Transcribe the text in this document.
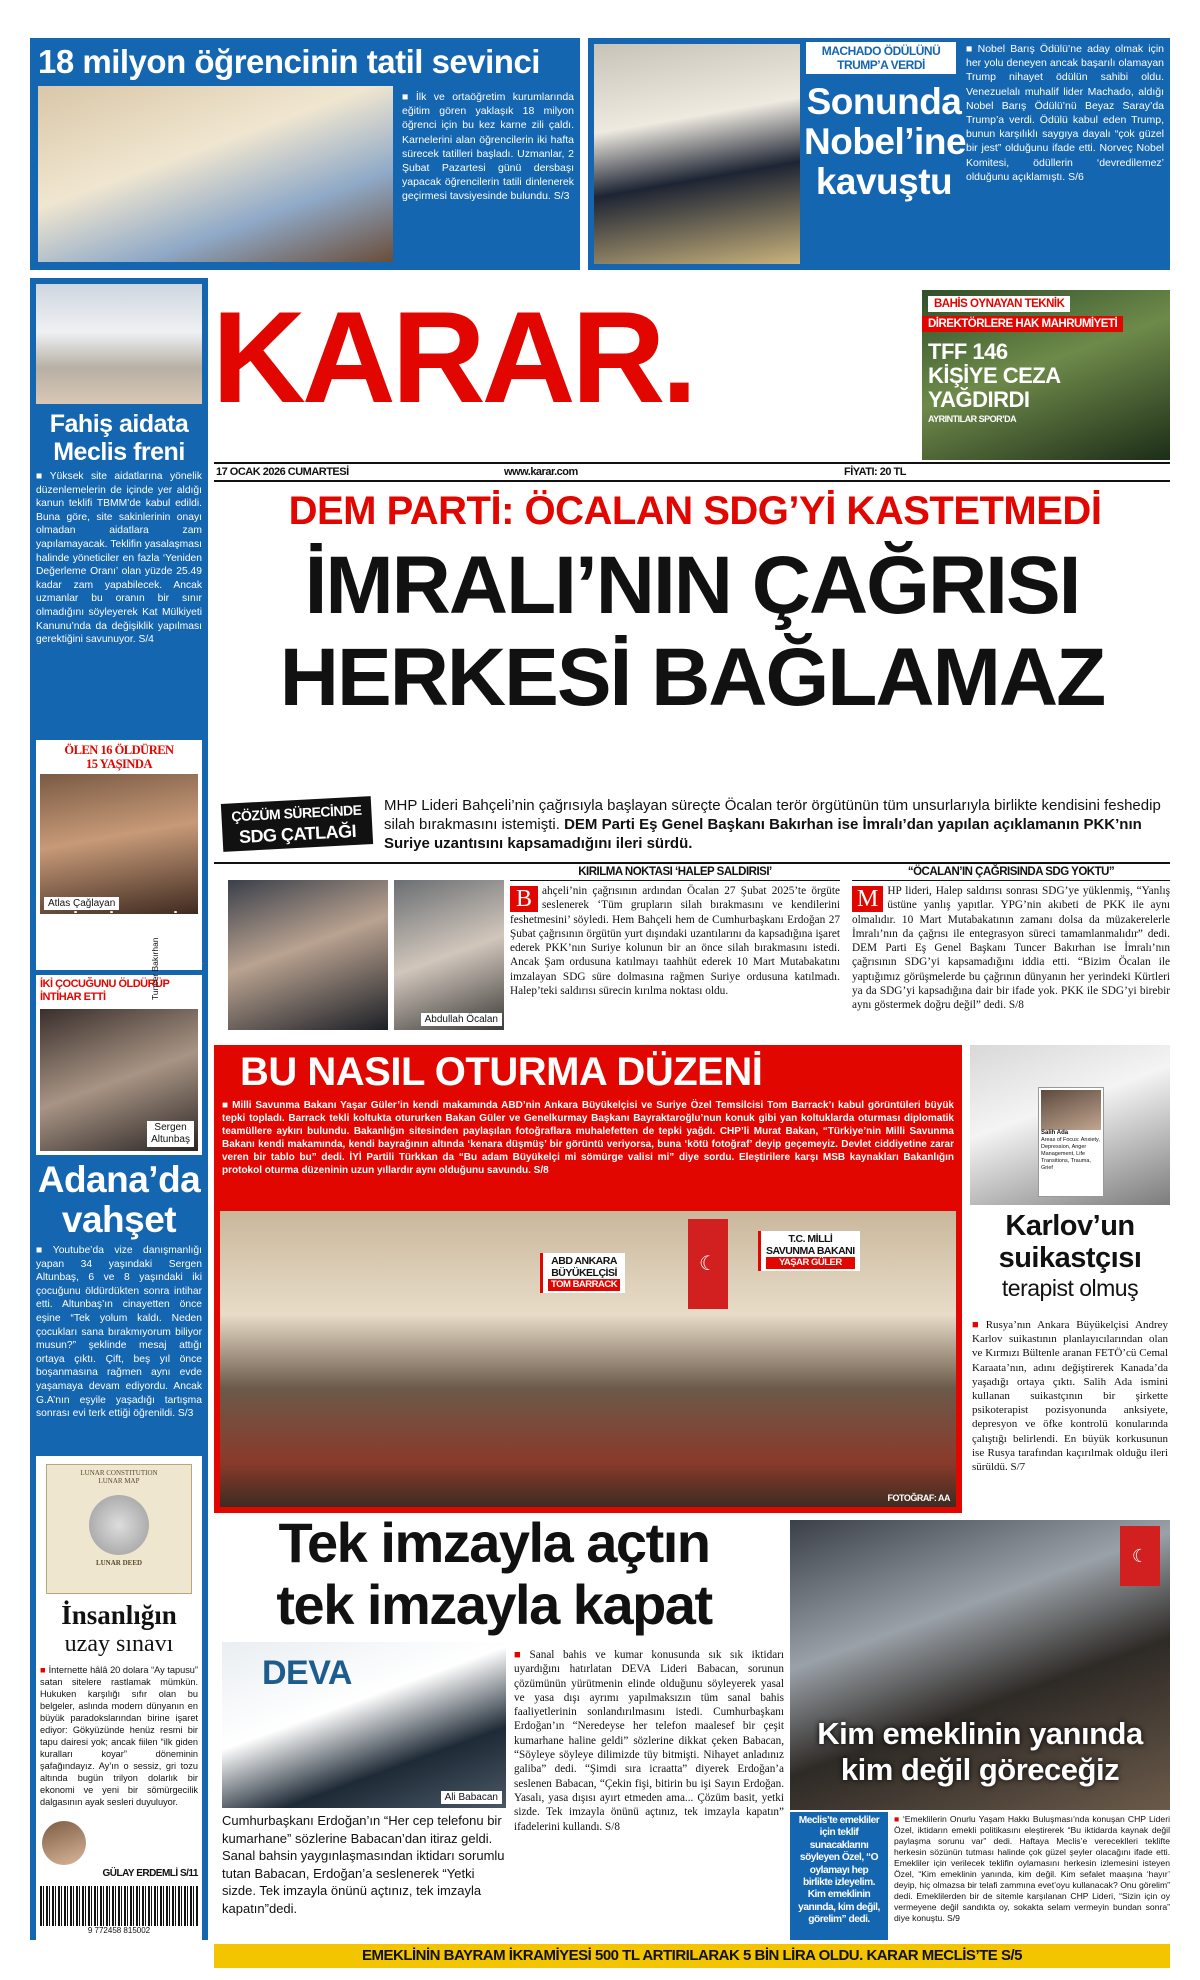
18 milyon öğrencinin tatil sevinci
■ İlk ve ortaöğretim kurumlarında eğitim gören yaklaşık 18 milyon öğrenci için bu kez karne zili çaldı. Karnelerini alan öğrencilerin iki hafta sürecek tatilleri başladı. Uzmanlar, 2 Şubat Pazartesi günü dersbaşı yapacak öğrencilerin tatili dinlenerek geçirmesi tavsiyesinde bulundu. S/3
MACHADO ÖDÜLÜNÜ
TRUMP’A VERDİ
Sonunda
Nobel’ine
kavuştu
■ Nobel Barış Ödülü’ne aday olmak için her yolu deneyen ancak başarılı olamayan Trump nihayet ödülün sahibi oldu. Venezuelalı muhalif lider Machado, aldığı Nobel Barış Ödülü’nü Beyaz Saray’da Trump’a verdi. Ödülü kabul eden Trump, bunun karşılıklı saygıya dayalı “çok güzel bir jest” olduğunu ifade etti. Norveç Nobel Komitesi, ödüllerin ‘devredilemez’ olduğunu açıklamıştı. S/6
Fahiş aidata
Meclis freni
■ Yüksek site aidatlarına yönelik düzenlemelerin de içinde yer aldığı kanun teklifi TBMM’de kabul edildi. Buna göre, site sakinlerinin onayı olmadan aidatlara zam yapılamayacak. Teklifin yasalaşması halinde yöneticiler en fazla ‘Yeniden Değerleme Oranı’ olan yüzde 25.49 kadar zam yapabilecek. Ancak uzmanlar bu oranın bir sınır olmadığını söyleyerek Kat Mülkiyeti Kanunu’nda da değişiklik yapılması gerektiğini savunuyor. S/4
ÖLEN 16 ÖLDÜREN
15 YAŞINDA
Atlas Çağlayan
BİR MİNGUZZİ
CİNAYETİ DAHA
AYRINTILAR S/3’TE
İKİ ÇOCUĞUNU ÖLDÜRÜP
İNTİHAR ETTİ
Sergen
Altunbaş
Adana’da
vahşet
■ Youtube’da vize danışmanlığı yapan 34 yaşındaki Sergen Altunbaş, 6 ve 8 yaşındaki iki çocuğunu öldürdükten sonra intihar etti. Altunbaş’ın cinayetten önce eşine “Tek yolum kaldı. Neden çocukları sana bırakmıyorum biliyor musun?” şeklinde mesaj attığı ortaya çıktı. Çift, beş yıl önce boşanmasına rağmen aynı evde yaşamaya devam ediyordu. Ancak G.A’nın eşyile yaşadığı tartışma sonrası evi terk ettiği öğrenildi. S/3
LUNAR CONSTITUTION
LUNAR MAP
LUNAR DEED
İnsanlığın
uzay sınavı
■ İnternette hâlâ 20 dolara “Ay tapusu” satan sitelere rastlamak mümkün. Hukuken karşılığı sıfır olan bu belgeler, aslında modern dünyanın en büyük paradokslarından birine işaret ediyor: Gökyüzünde henüz resmi bir tapu dairesi yok; ancak fiilen “ilk giden kuralları koyar” döneminin şafağındayız. Ay’ın o sessiz, gri tozu altında bugün trilyon dolarlık bir ekonomi ve yeni bir sömürgecilik dalgasının ayak sesleri duyuluyor.
GÜLAY ERDEMLİ S/11
9 772458 815002
KARAR.	BAHİS OYNAYAN TEKNİK
DİREKTÖRLERE HAK MAHRUMİYETİ
TFF 146
KİŞİYE CEZA
YAĞDIRDI
AYRINTILAR SPOR’DA
17 OCAK 2026 CUMARTESİ	www.karar.com	FİYATI: 20 TL
DEM PARTİ: ÖCALAN SDG’Yİ KASTETMEDİ
İMRALI’NIN ÇAĞRISI
HERKESİ BAĞLAMAZ
ÇÖZÜM SÜRECİNDE
SDG ÇATLAĞI
MHP Lideri Bahçeli’nin çağrısıyla başlayan süreçte Öcalan terör örgütünün tüm unsurlarıyla birlikte kendisini feshedip silah bırakmasını istemişti. DEM Parti Eş Genel Başkanı Bakırhan ise İmralı’dan yapılan açıklamanın PKK’nın Suriye uzantısını kapsamadığını ileri sürdü.
Tuncer Bakırhan
Abdullah Öcalan
KIRILMA NOKTASI ‘HALEP SALDIRISI’
B ahçeli’nin çağrısının ardından Öcalan 27 Şubat 2025’te örgüte seslenerek ‘Tüm grupların silah bırakmasını ve kendilerini feshetmesini’ söyledi. Hem Bahçeli hem de Cumhurbaşkanı Erdoğan 27 Şubat çağrısının örgütün yurt dışındaki uzantılarını da kapsadığına işaret ederek PKK’nın Suriye kolunun bir an önce silah bırakmasını istedi. Ancak Şam ordusuna katılmayı taahhüt ederek 10 Mart Mutabakatını imzalayan SDG süre dolmasına rağmen Suriye ordusuna katılmadı. Halep’teki saldırısı sürecin kırılma noktası oldu.
“ÖCALAN’IN ÇAĞRISINDA SDG YOKTU”
M HP lideri, Halep saldırısı sonrası SDG’ye yüklenmiş, “Yanlış üstüne yanlış yapıtlar. YPG’nin akıbeti de PKK ile aynı olmalıdır. 10 Mart Mutabakatının zamanı dolsa da müzakerelerle İmralı’nın da çağrısı ile entegrasyon süreci tamamlanmalıdır” dedi. DEM Parti Eş Genel Başkanı Tuncer Bakırhan ise İmralı’nın çağrısının SDG’yi kapsamadığını iddia etti. “Bizim Öcalan ile yaptığımız görüşmelerde bu çağrının dünyanın her yerindeki Kürtleri ya da SDG’yi kapsadığına dair bir ifade yok. PKK ile SDG’yi birebir aynı göstermek doğru değil” dedi. S/8
BU NASIL OTURMA DÜZENİ
■ Milli Savunma Bakanı Yaşar Güler’in kendi makamında ABD’nin Ankara Büyükelçisi ve Suriye Özel Temsilcisi Tom Barrack’ı kabul görüntüleri büyük tepki topladı. Barrack tekli koltukta otururken Bakan Güler ve Genelkurmay Başkanı Bayraktaroğlu’nun konuk gibi yan koltuklarda oturması diplomatik teamüllere aykırı bulundu. Bakanlığın sitesinden paylaşılan fotoğraflara muhalefetten de tepki yağdı. CHP’li Murat Bakan, “Türkiye’nin Milli Savunma Bakanı kendi makamında, kendi bayrağının altında ‘kenara düşmüş’ bir görüntü veriyorsa, buna ‘kötü fotoğraf’ deyip geçemeyiz. Devlet ciddiyetine zarar veren bir tablo bu” dedi. İYİ Partili Türkkan da “Bu adam Büyükelçi mi sömürge valisi mi” diye sordu. Eleştirilere karşı MSB kaynakları Bakanlığın protokol oturma düzeninin uzun yıllardır aynı olduğunu savundu. S/8
ABD ANKARA
BÜYÜKELÇİSİ
TOM BARRACK
T.C. MİLLİ
SAVUNMA BAKANI
YAŞAR GÜLER
☾
FOTOĞRAF: AA
Salih Ada
Areas of Focus: Anxiety, Depression, Anger Management, Life Transitions, Trauma, Grief
Karlov’un
suikastçısı
terapist olmuş
■ Rusya’nın Ankara Büyükelçisi Andrey Karlov suikastının planlayıcılarından olan ve Kırmızı Bültenle aranan FETÖ’cü Cemal Karaata’nın, adını değiştirerek Kanada’da yaşadığı ortaya çıktı. Salih Ada ismini kullanan suikastçının bir şirkette psikoterapist pozisyonunda anksiyete, depresyon ve öfke kontrolü konularında çalıştığı belirlendi. En büyük korkusunun ise Rusya tarafından kaçırılmak olduğu ileri sürüldü. S/7
Tek imzayla açtın
tek imzayla kapat
DEVA
Ali Babacan
Cumhurbaşkanı Erdoğan’ın “Her cep telefonu bir kumarhane” sözlerine Babacan’dan itiraz geldi. Sanal bahsin yaygınlaşmasından iktidarı sorumlu tutan Babacan, Erdoğan’a seslenerek “Yetki sizde. Tek imzayla önünü açtınız, tek imzayla kapatın”dedi.
■ Sanal bahis ve kumar konusunda sık sık iktidarı uyardığını hatırlatan DEVA Lideri Babacan, sorunun çözümünün yürütmenin elinde olduğunu söyleyerek yasal ve yasa dışı ayrımı yapılmaksızın tüm sanal bahis faaliyetlerinin sonlandırılmasını istedi. Cumhurbaşkanı Erdoğan’ın “Neredeyse her telefon maalesef bir çeşit kumarhane haline geldi” sözlerine dikkat çeken Babacan, “Söyleye söyleye dilimizde tüy bitmişti. Nihayet anladınız galiba” dedi. “Şimdi sıra icraatta” diyerek Erdoğan’a seslenen Babacan, “Çekin fişi, bitirin bu işi Sayın Erdoğan. Yasalı, yasa dışısı ayırt etmeden ama... Çözüm basit, yetki sizde. Tek imzayla önünü açtınız, tek imzayla kapatın” ifadelerini kullandı. S/8
☾
Kim emeklinin yanında
kim değil göreceğiz
Meclis’te emekliler için teklif sunacaklarını söyleyen Özel, “O oylamayı hep birlikte izleyelim. Kim emeklinin yanında, kim değil, görelim” dedi.
■ ‘Emeklilerin Onurlu Yaşam Hakkı Buluşması’nda konuşan CHP Lideri Özel, iktidarın emekli politikasını eleştirerek “Bu iktidarda kaynak değil paylaşma sorunu var” dedi. Haftaya Meclis’e vereceklleri teklifte herkesin sözünün tutması halinde çok güzel şeyler olacağını ifade etti. Emekliler için verilecek teklifin oylamasını herkesin izlemesini isteyen Özel, “Kim emeklinin yanında, kim değil. Kim sefalet maaşına ‘hayır’ deyip, hiç olmazsa bir telafi zammına evet’oyu kullanacak? Onu görelim” dedi. Emeklilerden bir de sitemle karşılanan CHP Lideri, “Sizin için oy vermeyene değil sandıkta oy, sokakta selam vermeyin bundan sonra” diye konuştu. S/9
EMEKLİNİN BAYRAM İKRAMİYESİ 500 TL ARTIRILARAK 5 BİN LİRA OLDU. KARAR MECLİS’TE S/5
